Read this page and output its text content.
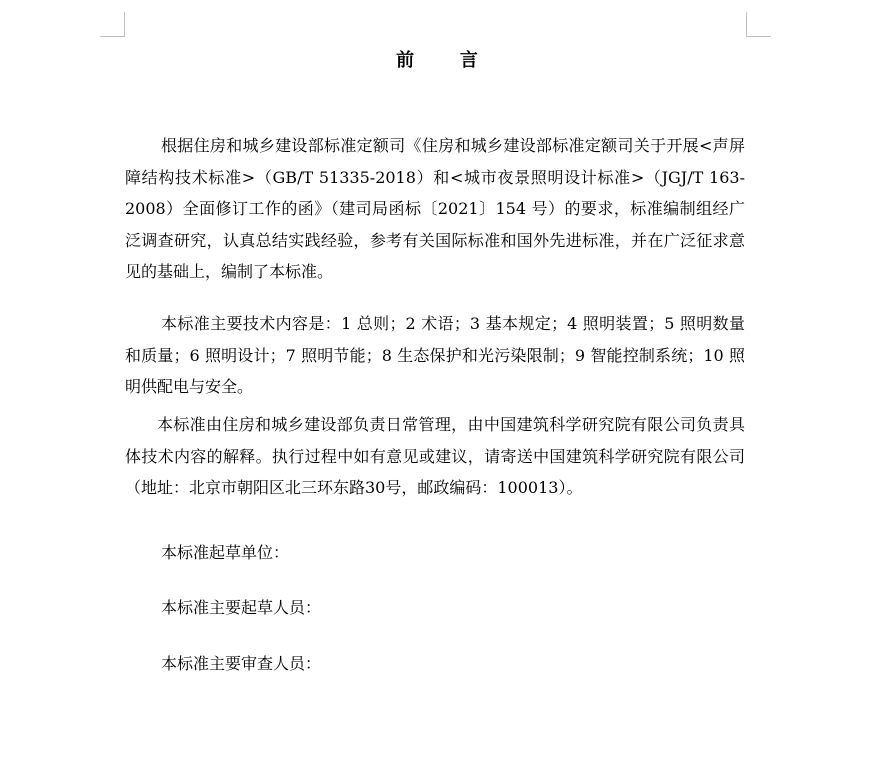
前 言

根据住房和城乡建设部标准定额司《住房和城乡建设部标准定额司关于开展<声屏障结构技术标准>（GB/T 51335-2018）和<城市夜景照明设计标准>（JGJ/T 163-2008）全面修订工作的函》（建司局函标〔2021〕154 号）的要求，标准编制组经广泛调查研究，认真总结实践经验，参考有关国际标准和国外先进标准，并在广泛征求意见的基础上，编制了本标准。

本标准主要技术内容是：1 总则；2 术语；3 基本规定；4 照明装置；5 照明数量和质量；6 照明设计；7 照明节能；8 生态保护和光污染限制；9 智能控制系统；10 照明供配电与安全。

本标准由住房和城乡建设部负责日常管理，由中国建筑科学研究院有限公司负责具体技术内容的解释。执行过程中如有意见或建议，请寄送中国建筑科学研究院有限公司（地址：北京市朝阳区北三环东路30号，邮政编码：100013）。

本标准起草单位：

本标准主要起草人员：

本标准主要审查人员：
